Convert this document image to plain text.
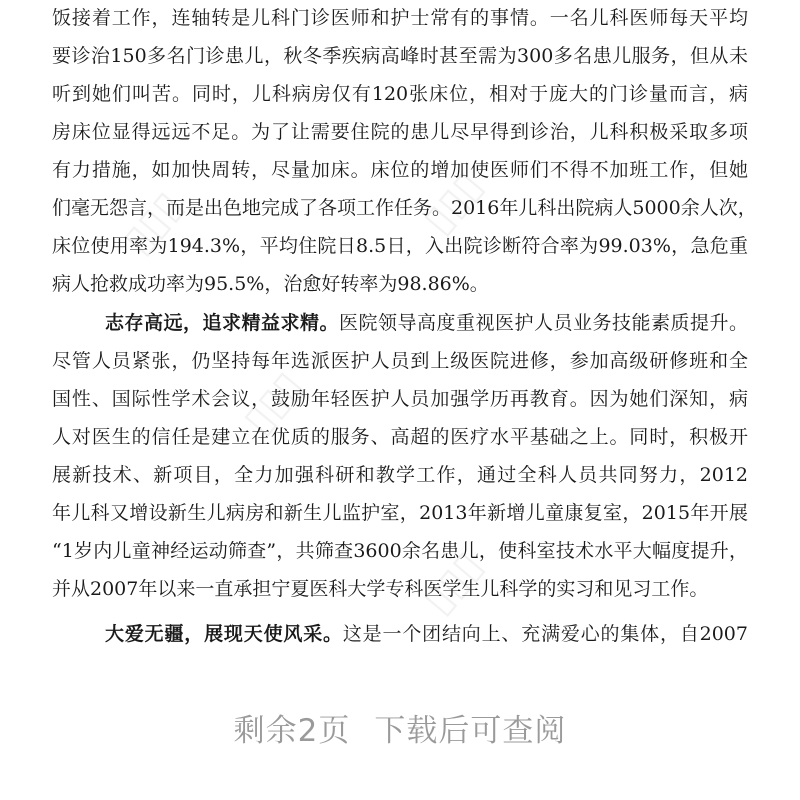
▯▯▯	▯▯▯
▯▯▯
▯▯▯
饭接着工作，连轴转是儿科门诊医师和护士常有的事情。一名儿科医师每天平均
要诊治150多名门诊患儿，秋冬季疾病高峰时甚至需为300多名患儿服务，但从未
听到她们叫苦。同时，儿科病房仅有120张床位，相对于庞大的门诊量而言，病
房床位显得远远不足。为了让需要住院的患儿尽早得到诊治，儿科积极采取多项
有力措施，如加快周转，尽量加床。床位的增加使医师们不得不加班工作，但她
们毫无怨言，而是出色地完成了各项工作任务。2016年儿科出院病人5000余人次，
床位使用率为194.3%，平均住院日8.5日，入出院诊断符合率为99.03%，急危重
病人抢救成功率为95.5%，治愈好转率为98.86%。
志存高远，追求精益求精。医院领导高度重视医护人员业务技能素质提升。
尽管人员紧张，仍坚持每年选派医护人员到上级医院进修，参加高级研修班和全
国性、国际性学术会议，鼓励年轻医护人员加强学历再教育。因为她们深知，病
人对医生的信任是建立在优质的服务、高超的医疗水平基础之上。同时，积极开
展新技术、新项目，全力加强科研和教学工作，通过全科人员共同努力，2012
年儿科又增设新生儿病房和新生儿监护室，2013年新增儿童康复室，2015年开展
“1岁内儿童神经运动筛查”，共筛查3600余名患儿，使科室技术水平大幅度提升，
并从2007年以来一直承担宁夏医科大学专科医学生儿科学的实习和见习工作。
大爱无疆，展现天使风采。这是一个团结向上、充满爱心的集体，自2007
剩余2页 下载后可查阅
